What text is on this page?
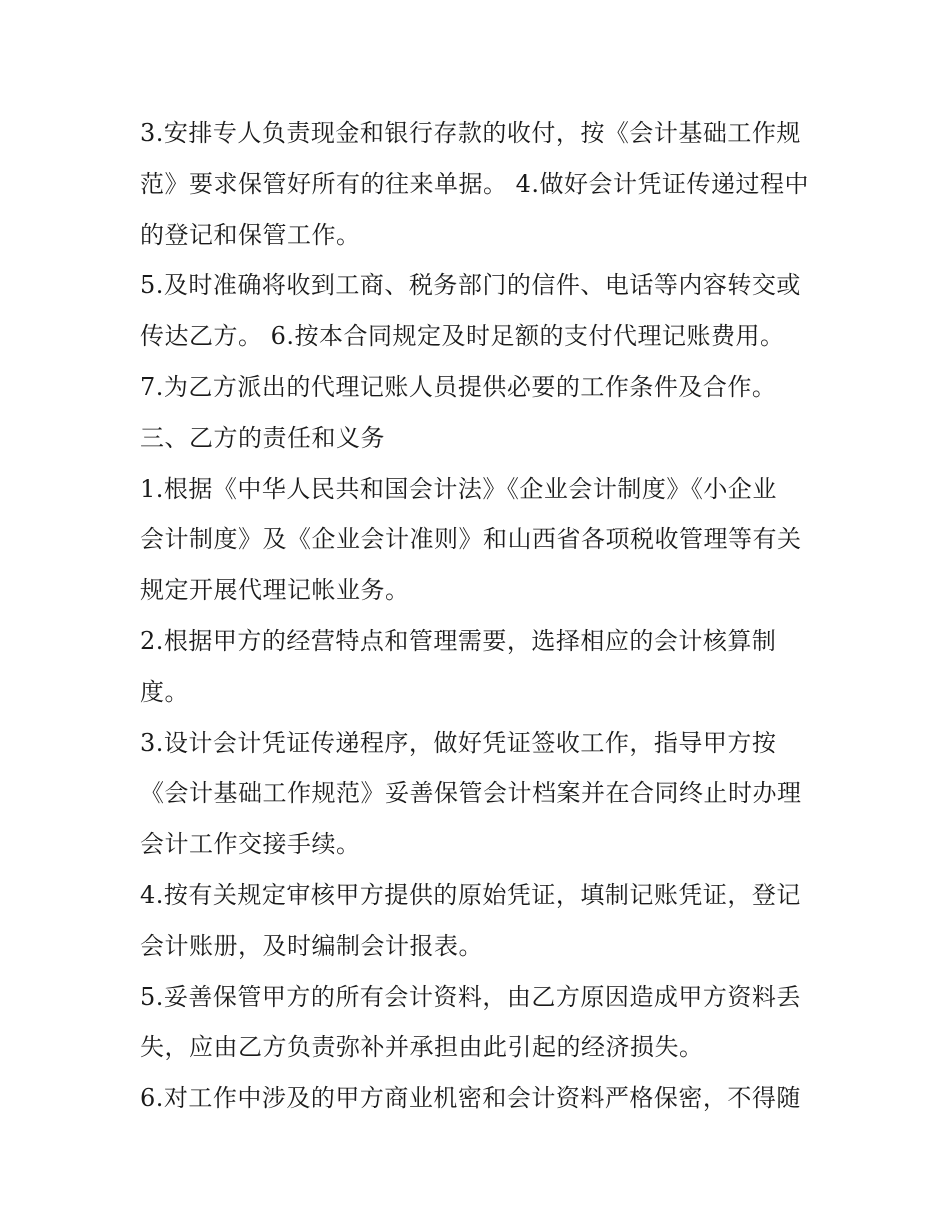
3.安排专人负责现金和银行存款的收付，按《会计基础工作规
范》要求保管好所有的往来单据。 4.做好会计凭证传递过程中
的登记和保管工作。
5.及时准确将收到工商、税务部门的信件、电话等内容转交或
传达乙方。 6.按本合同规定及时足额的支付代理记账费用。
7.为乙方派出的代理记账人员提供必要的工作条件及合作。
三、乙方的责任和义务
1.根据《中华人民共和国会计法》《企业会计制度》《小企业
会计制度》及《企业会计准则》和山西省各项税收管理等有关
规定开展代理记帐业务。
2.根据甲方的经营特点和管理需要，选择相应的会计核算制
度。
3.设计会计凭证传递程序，做好凭证签收工作，指导甲方按
《会计基础工作规范》妥善保管会计档案并在合同终止时办理
会计工作交接手续。
4.按有关规定审核甲方提供的原始凭证，填制记账凭证，登记
会计账册，及时编制会计报表。
5.妥善保管甲方的所有会计资料，由乙方原因造成甲方资料丢
失，应由乙方负责弥补并承担由此引起的经济损失。
6.对工作中涉及的甲方商业机密和会计资料严格保密，不得随
